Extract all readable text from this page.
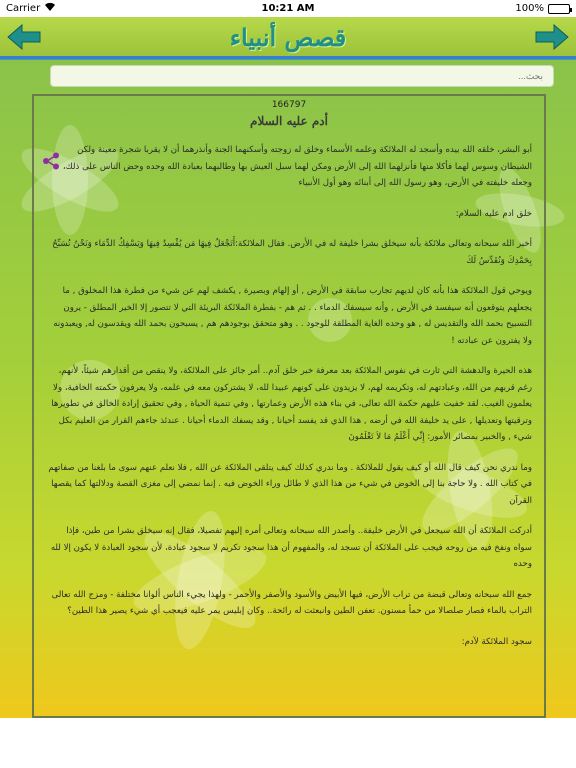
Carrier	10:21 AM	100%
قصص أنبياء
بحث...
166797
أدم عليه السلام

أبو البشر، خلقه الله بيده وأسجد له الملائكة وعلمه الأسماء وخلق له زوجته وأسكنهما الجنة وأنذرهما أن لا يقربا شجرة معينة ولكن الشيطان وسوس لهما فأكلا منها فأنزلهما الله إلى الأرض ومكن لهما سبل العيش بها وطالبهما بعبادة الله وحده وحض الناس على ذلك، وجعله خليفته في الأرض، وهو رسول الله إلى أبنائه وهو أول الأنبياء

خلق ادم عليه السلام:

أخبر الله سبحانه وتعالى ملائكة بأنه سيخلق بشرا خليفة له في الأرض. فقال الملائكة:أَتَجْعَلُ فِيهَا مَن يُفْسِدُ فِيهَا وَيَسْفِكُ الدِّمَاء وَنَحْنُ نُسَبِّحُ بِحَمْدِكَ وَنُقَدِّسُ لَكَ

ويوحي قول الملائكة هذا بأنه كان لديهم تجارب سابقة في الأرض , أو إلهام وبصيرة , يكشف لهم عن شيء من فطرة هذا المخلوق , ما يجعلهم يتوقعون أنه سيفسد في الأرض , وأنه سيسفك الدماء . . ثم هم - بفطرة الملائكة البريئة التي لا تتصور إلا الخير المطلق - يرون التسبيح بحمد الله والتقديس له , هو وحده الغاية المطلقة للوجود . . وهو متحقق بوجودهم هم , يسبحون بحمد الله ويقدسون له, ويعبدونه ولا يفترون عن عبادته !

هذه الحيرة والدهشة التي ثارت في نفوس الملائكة بعد معرفة خبر خلق آدم.. أمر جائز على الملائكة، ولا ينقص من أقدارهم شيئاً، لأنهم، رغم قربهم من الله، وعبادتهم له، وتكريمه لهم، لا يزيدون على كونهم عبيدا لله، لا يشتركون معه في علمه، ولا يعرفون حكمته الخافية، ولا يعلمون الغيب. لقد خفيت عليهم حكمة الله تعالى، في بناء هذه الأرض وعمارتها , وفي تنمية الحياة , وفي تحقيق إرادة الخالق في تطويرها وترقيتها وتعديلها , على يد خليفة الله في أرضه , هذا الذي قد يفسد أحيانا , وقد يسفك الدماء أحيانا . عندئذ جاءهم القرار من العليم بكل شيء , والخبير بمصائر الأمور: إِنِّي أَعْلَمُ مَا لاَ تَعْلَمُونَ

وما ندري نحن كيف قال الله أو كيف يقول للملائكة . وما ندري كذلك كيف يتلقى الملائكة عن الله , فلا نعلم عنهم سوى ما بلغنا من صفاتهم في كتاب الله . ولا حاجة بنا إلى الخوض في شيء من هذا الذي لا طائل وراء الخوض فيه . إنما نمضي إلى مغزى القصة ودلالتها كما يقصها القرآن

أدركت الملائكة أن الله سيجعل في الأرض خليفة.. وأصدر الله سبحانه وتعالى أمره إليهم تفصيلا، فقال إنه سيخلق بشرا من طين، فإذا سواه ونفخ فيه من روحه فيجب على الملائكة أن تسجد له، والمفهوم أن هذا سجود تكريم لا سجود عبادة، لأن سجود العبادة لا يكون إلا لله وحده

جمع الله سبحانه وتعالى قبضة من تراب الأرض، فيها الأبيض والأسود والأصفر والأحمر - ولهذا يجيء الناس ألوانا مختلفة - ومزج الله تعالى التراب بالماء فصار صلصالا من حمأ مسنون. تعفن الطين وانبعثت له رائحة.. وكان إبليس يمر عليه فيعجب أي شيء يصير هذا الطين؟

سجود الملائكة لآدم:
